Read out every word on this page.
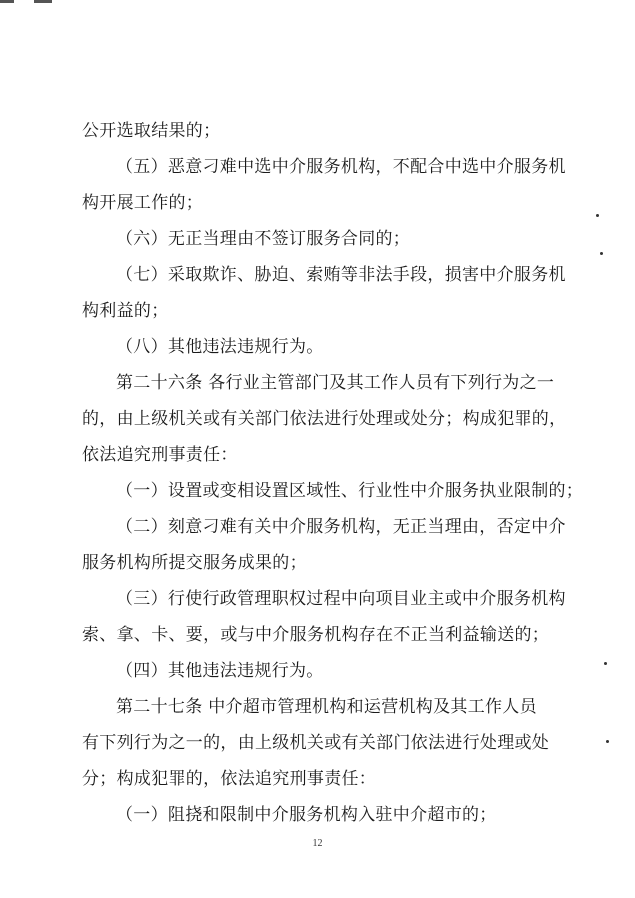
公开选取结果的；
（五）恶意刁难中选中介服务机构，不配合中选中介服务机
构开展工作的；
（六）无正当理由不签订服务合同的；
（七）采取欺诈、胁迫、索贿等非法手段，损害中介服务机
构利益的；
（八）其他违法违规行为。
第二十六条 各行业主管部门及其工作人员有下列行为之一
的，由上级机关或有关部门依法进行处理或处分；构成犯罪的，
依法追究刑事责任：
（一）设置或变相设置区域性、行业性中介服务执业限制的；
（二）刻意刁难有关中介服务机构，无正当理由，否定中介
服务机构所提交服务成果的；
（三）行使行政管理职权过程中向项目业主或中介服务机构
索、拿、卡、要，或与中介服务机构存在不正当利益输送的；
（四）其他违法违规行为。
第二十七条 中介超市管理机构和运营机构及其工作人员
有下列行为之一的，由上级机关或有关部门依法进行处理或处
分；构成犯罪的，依法追究刑事责任：
（一）阻挠和限制中介服务机构入驻中介超市的；
12
